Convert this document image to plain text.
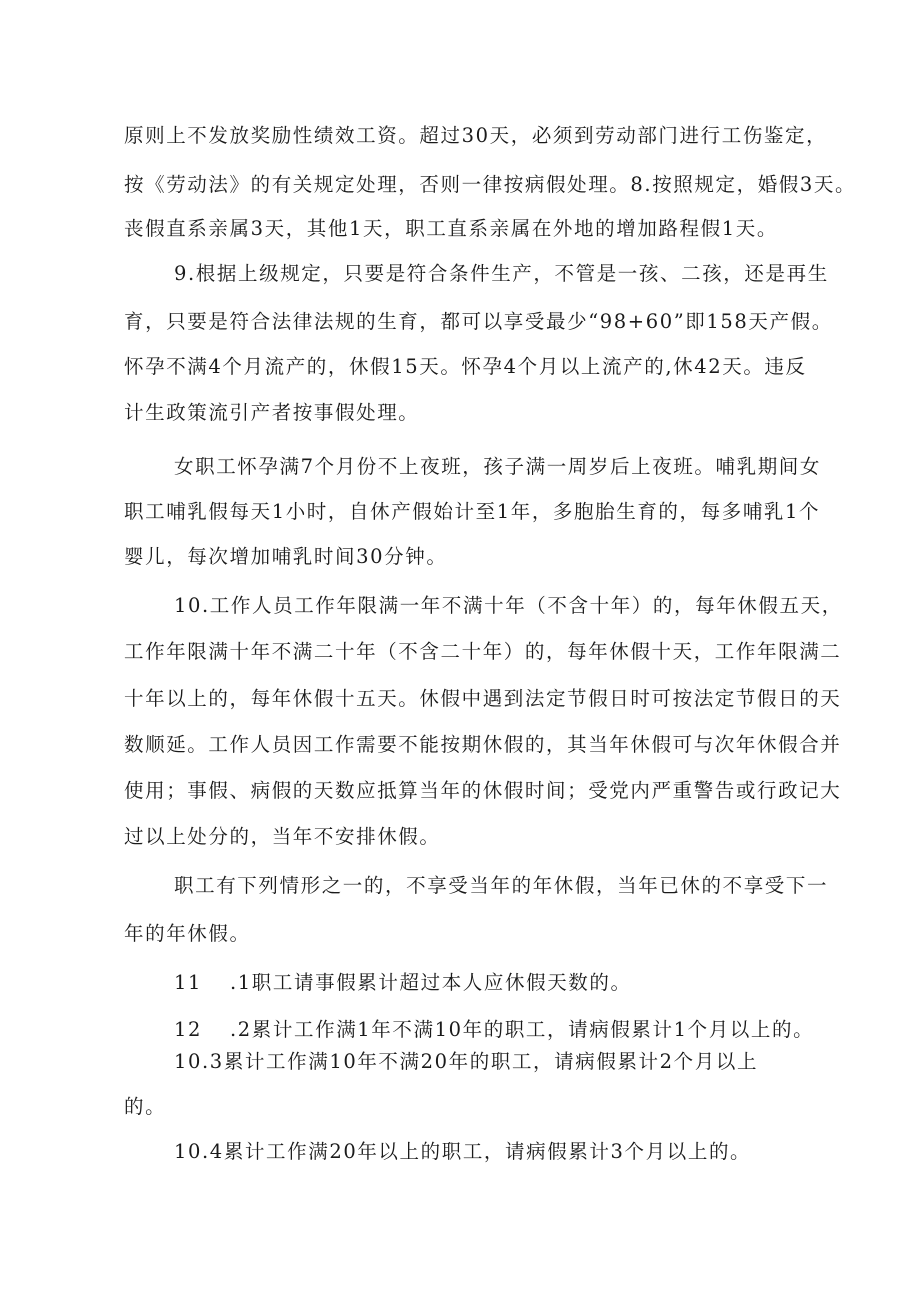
原则上不发放奖励性绩效工资。超过30天，必须到劳动部门进行工伤鉴定，
按《劳动法》的有关规定处理，否则一律按病假处理。8.按照规定，婚假3天。
丧假直系亲属3天，其他1天，职工直系亲属在外地的增加路程假1天。
9.根据上级规定，只要是符合条件生产，不管是一孩、二孩，还是再生
育，只要是符合法律法规的生育，都可以享受最少“98+60”即158天产假。
怀孕不满4个月流产的，休假15天。怀孕4个月以上流产的,休42天。违反
计生政策流引产者按事假处理。
女职工怀孕满7个月份不上夜班，孩子满一周岁后上夜班。哺乳期间女
职工哺乳假每天1小时，自休产假始计至1年，多胞胎生育的，每多哺乳1个
婴儿，每次增加哺乳时间30分钟。
10.工作人员工作年限满一年不满十年（不含十年）的，每年休假五天，
工作年限满十年不满二十年（不含二十年）的，每年休假十天，工作年限满二
十年以上的，每年休假十五天。休假中遇到法定节假日时可按法定节假日的天
数顺延。工作人员因工作需要不能按期休假的，其当年休假可与次年休假合并
使用；事假、病假的天数应抵算当年的休假时间；受党内严重警告或行政记大
过以上处分的，当年不安排休假。
职工有下列情形之一的，不享受当年的年休假，当年已休的不享受下一
年的年休假。
11 .1职工请事假累计超过本人应休假天数的。
12 .2累计工作满1年不满10年的职工，请病假累计1个月以上的。
10.3累计工作满10年不满20年的职工，请病假累计2个月以上
的。
10.4累计工作满20年以上的职工，请病假累计3个月以上的。
